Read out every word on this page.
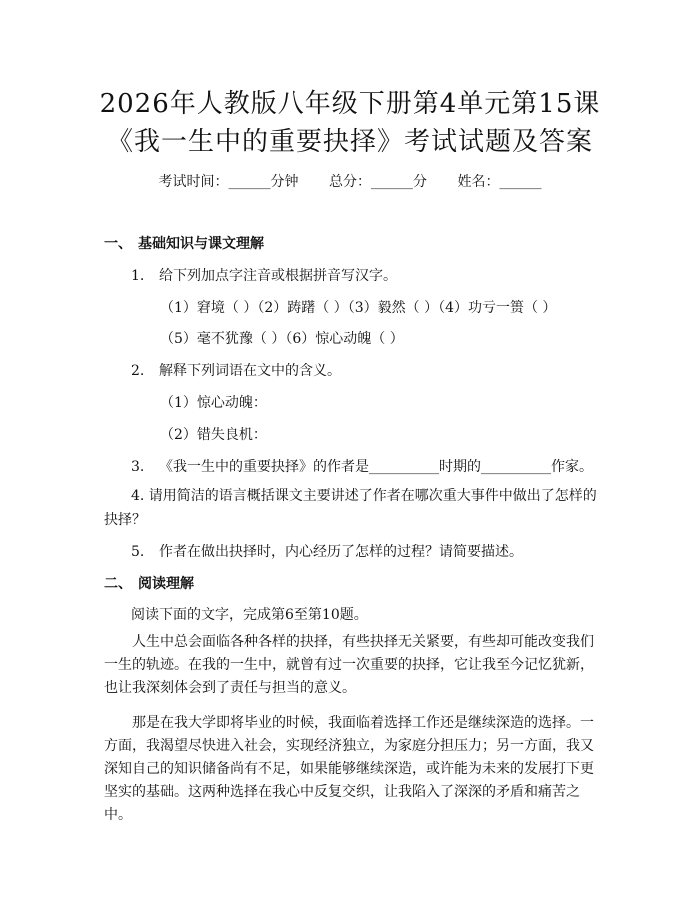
2026年人教版八年级下册第4单元第15课
《我一生中的重要抉择》考试试题及答案
考试时间：______分钟 总分：______分 姓名：______
一、 基础知识与课文理解
1. 给下列加点字注音或根据拼音写汉字。
（1）窘境（ ）（2）踌躇（ ）（3）毅然（ ）（4）功亏一篑（ ）
（5）毫不犹豫（ ）（6）惊心动魄（ ）
2. 解释下列词语在文中的含义。
（1）惊心动魄：
（2）错失良机：
3. 《我一生中的重要抉择》的作者是__________时期的__________作家。

4. 请用简洁的语言概括课文主要讲述了作者在哪次重大事件中做出了怎样的抉择？

5. 作者在做出抉择时，内心经历了怎样的过程？请简要描述。
二、 阅读理解
阅读下面的文字，完成第6至第10题。

人生中总会面临各种各样的抉择，有些抉择无关紧要，有些却可能改变我们一生的轨迹。在我的一生中，就曾有过一次重要的抉择，它让我至今记忆犹新，也让我深刻体会到了责任与担当的意义。

那是在我大学即将毕业的时候，我面临着选择工作还是继续深造的选择。一方面，我渴望尽快进入社会，实现经济独立，为家庭分担压力；另一方面，我又深知自己的知识储备尚有不足，如果能够继续深造，或许能为未来的发展打下更坚实的基础。这两种选择在我心中反复交织，让我陷入了深深的矛盾和痛苦之中。
